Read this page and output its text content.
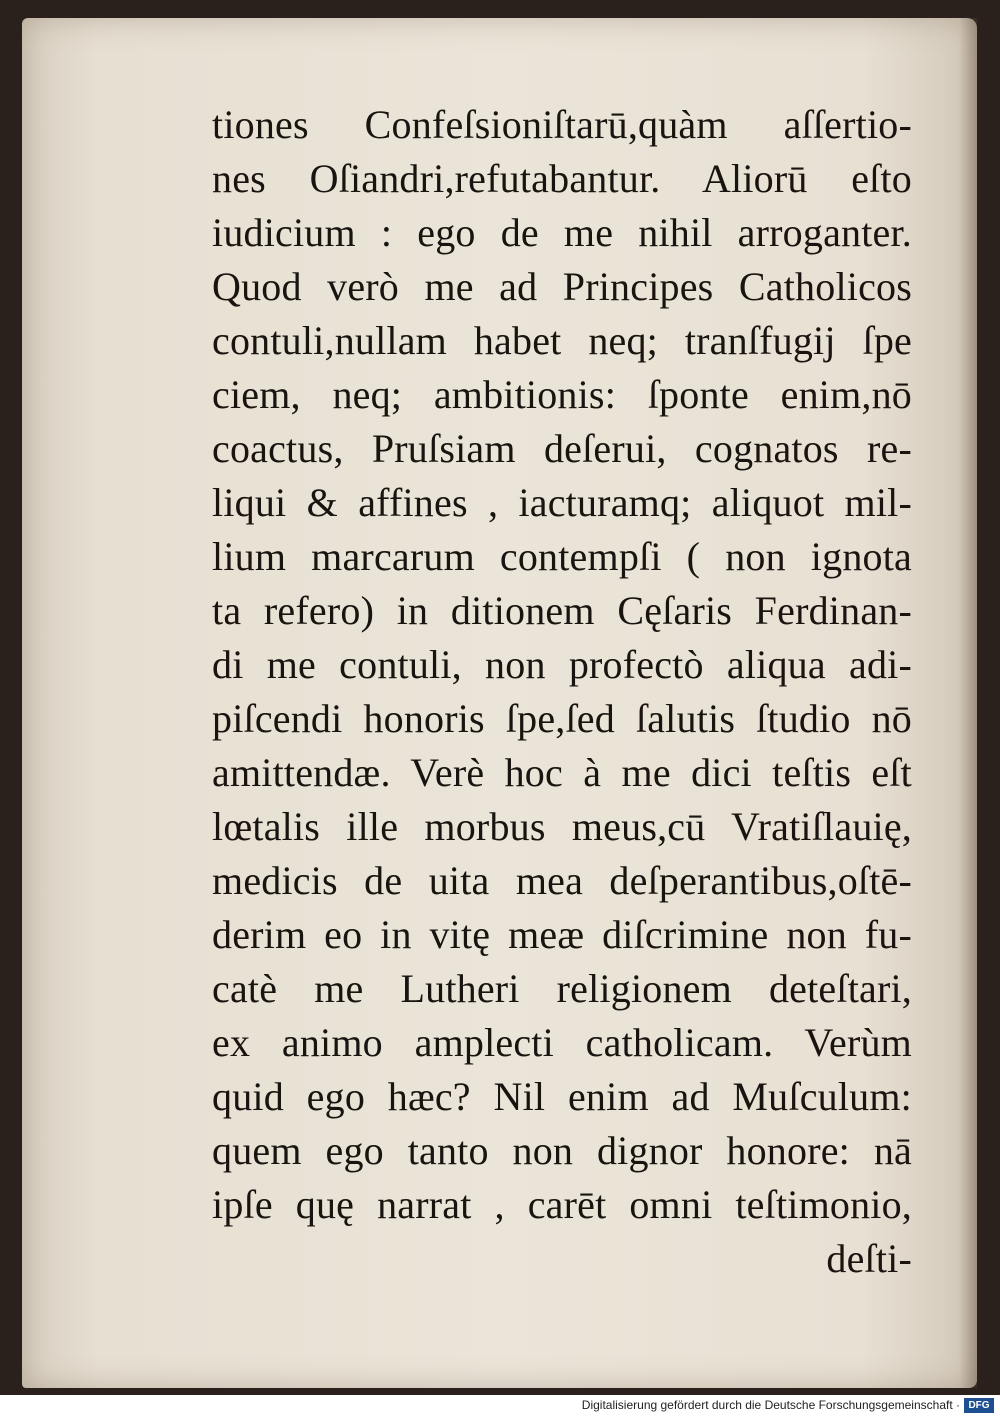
tiones Confeſsioniſtarū,quàm aſſertio-
nes Oſiandri,refutabantur. Aliorū eſto
iudicium : ego de me nihil arroganter.
Quod verò me ad Principes Catholicos
contuli,nullam habet neq; tranſfugij ſpe
ciem, neq; ambitionis: ſponte enim,nō
coactus, Pruſsiam deſerui, cognatos re-
liqui & affines , iacturamq; aliquot mil-
lium marcarum contempſi ( non ignota
ta refero) in ditionem Cęſaris Ferdinan-
di me contuli, non profectò aliqua adi-
piſcendi honoris ſpe,ſed ſalutis ſtudio nō
amittendæ. Verè hoc à me dici teſtis eſt
lœtalis ille morbus meus,cū Vratiſlauię,
medicis de uita mea deſperantibus,oſtē-
derim eo in vitę meæ diſcrimine non fu-
catè me Lutheri religionem deteſtari,
ex animo amplecti catholicam. Verùm
quid ego hæc? Nil enim ad Muſculum:
quem ego tanto non dignor honore: nā
ipſe quę narrat , carēt omni teſtimonio,
deſti-
Digitalisierung gefördert durch die Deutsche Forschungsgemeinschaft · DFG
